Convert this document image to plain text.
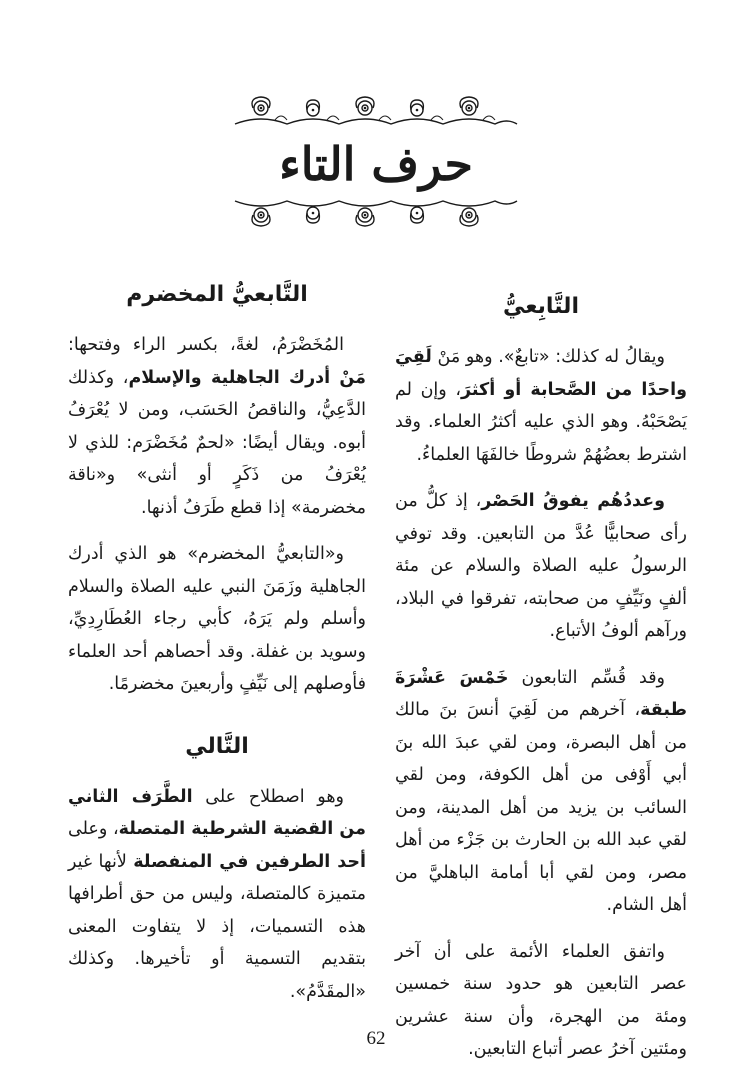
حرف التاء
التَّابِعيُّ

ويقالُ له كذلك: «تابعٌ». وهو مَنْ لَقِيَ واحدًا من الصَّحابة أو أكثرَ، وإن لم يَصْحَبْهُ. وهو الذي عليه أكثرُ العلماء. وقد اشترط بعضُهُمْ شروطًا خالفَهَا العلماءُ.

وعددُهُم يفوقُ الحَصْر، إذ كلُّ من رأى صحابيًّا عُدَّ من التابعين. وقد توفي الرسولُ عليه الصلاة والسلام عن مئة ألفٍ ونَيِّفٍ من صحابته، تفرقوا في البلاد، ورآهم ألوفُ الأتباع.

وقد قُسِّم التابعون خَمْسَ عَشْرَةَ طبقة، آخرهم من لَقِيَ أنسَ بنَ مالك من أهل البصرة، ومن لقي عبدَ الله بنَ أبي أَوْفى من أهل الكوفة، ومن لقي السائب بن يزيد من أهل المدينة، ومن لقي عبد الله بن الحارث بن جَزْء من أهل مصر، ومن لقي أبا أمامة الباهليَّ من أهل الشام.

واتفق العلماء الأئمة على أن آخر عصر التابعين هو حدود سنة خمسين ومئة من الهجرة، وأن سنة عشرين ومئتين آخرُ عصر أتباع التابعين.

التَّابعيُّ المخضرم

المُخَضْرَمُ، لغةً، بكسر الراء وفتحها: مَنْ أدرك الجاهلية والإسلام، وكذلك الدَّعِيُّ، والناقصُ الحَسَب، ومن لا يُعْرَفُ أبوه. ويقال أيضًا: «لحمٌ مُخَضْرَم: للذي لا يُعْرَفُ من ذَكَرٍ أو أنثى» و«ناقة مخضرمة» إذا قطع طَرَفُ أذنها.

و«التابعيُّ المخضرم» هو الذي أدرك الجاهلية وزَمَنَ النبي عليه الصلاة والسلام وأسلم ولم يَرَهُ، كأبي رجاء العُطَارِدِيِّ، وسويد بن غفلة. وقد أحصاهم أحد العلماء فأوصلهم إلى نَيِّفٍ وأربعينَ مخضرمًا.

التَّالي

وهو اصطلاح على الطَّرَف الثاني من القضية الشرطية المتصلة، وعلى أحد الطرفين في المنفصلة لأنها غير متميزة كالمتصلة، وليس من حق أطرافها هذه التسميات، إذ لا يتفاوت المعنى بتقديم التسمية أو تأخيرها. وكذلك «المقَدَّمُ».

62
